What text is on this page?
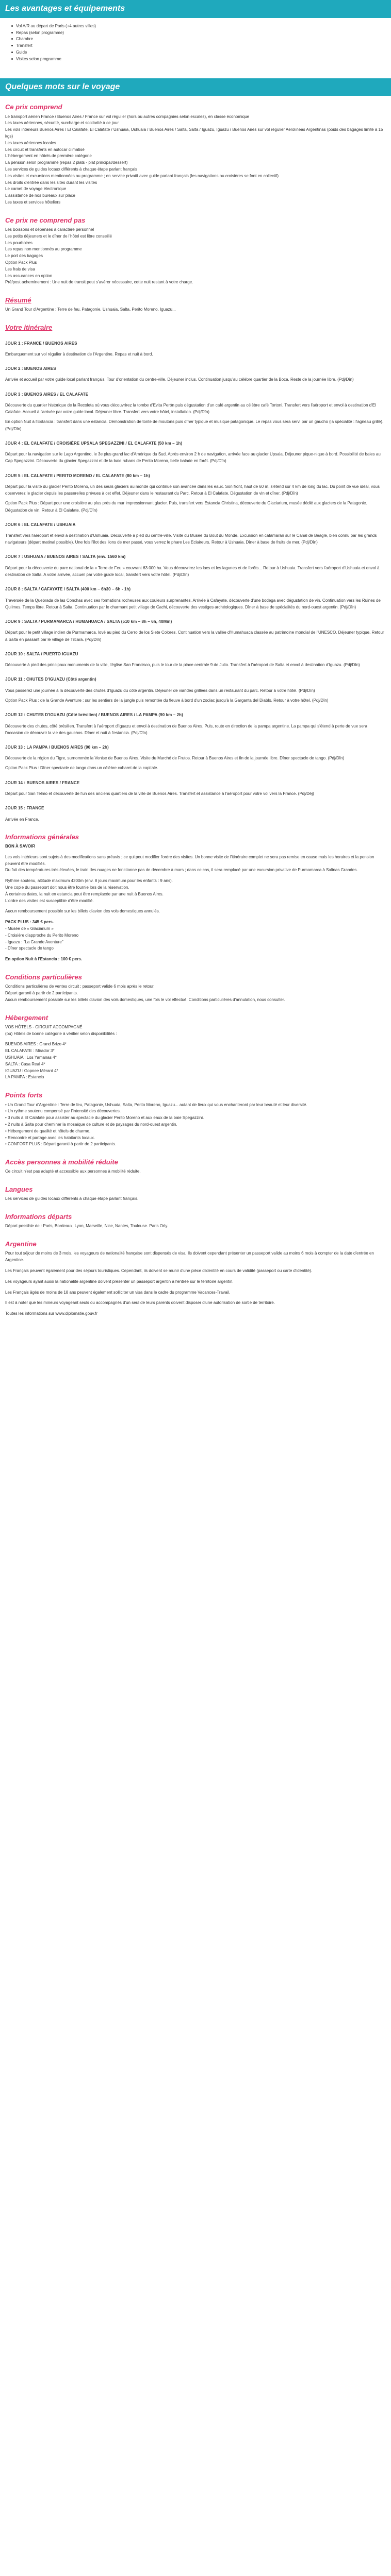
Les avantages et équipements
Vol A/R au départ de Paris (+4 autres villes)
Repas (selon programme)
Chambre
Transfert
Guide
Visites selon programme
Quelques mots sur le voyage
Ce prix comprend

Le transport aérien France / Buenos Aires / France sur vol régulier (hors ou autres compagnies selon escales), en classe économique

Les taxes aériennes, sécurité, surcharge et solidarité à ce jour

Les vols intérieurs Buenos Aires / El Calafate, El Calafate / Ushuaia, Ushuaia / Buenos Aires / Salta, Salta / Iguazu, Iguazu / Buenos Aires sur vol régulier Aerolineas Argentinas (poids des bagages limité à 15 kgs)

Les taxes aériennes locales

Les circuit et transferts en autocar climatisé

L'hébergement en hôtels de première catégorie

La pension selon programme (repas 2 plats - plat principal/dessert)

Les services de guides locaux différents à chaque étape parlant français

Les visites et excursions mentionnées au programme ; en service privatif avec guide parlant français (les navigations ou croisières se font en collectif)

Les droits d'entrée dans les sites durant les visites

Le carnet de voyage électronique

L'assistance de nos bureaux sur place

Les taxes et services hôteliers

Ce prix ne comprend pas

Les boissons et dépenses à caractère personnel

Les petits déjeuners et le dîner de l'hôtel est libre conseillé

Les pourboires

Les repas non mentionnés au programme

Le port des bagages

Option Pack Plus

Les frais de visa

Les assurances en option

Pré/post acheminement : Une nuit de transit peut s'avérer nécessaire, cette nuit restant à votre charge.

Résumé

Un Grand Tour d'Argentine : Terre de feu, Patagonie, Ushuaia, Salta, Perito Moreno, Iguazu...

Votre itinéraire
JOUR 1 : FRANCE / BUENOS AIRES

Embarquement sur vol régulier à destination de l'Argentine. Repas et nuit à bord.

JOUR 2 : BUENOS AIRES

Arrivée et accueil par votre guide local parlant français. Tour d'orientation du centre-ville. Déjeuner inclus. Continuation jusqu'au célèbre quartier de la Boca. Reste de la journée libre. (Pdj/Dîn)

JOUR 3 : BUENOS AIRES / EL CALAFATE

Découverte du quartier historique de la Recoleta où vous découvrirez la tombe d'Evita Perón puis dégustation d'un café argentin au célèbre café Tortoni. Transfert vers l'aéroport et envol à destination d'El Calafate. Accueil à l'arrivée par votre guide local. Déjeuner libre. Transfert vers votre hôtel, installation. (Pdj/Dîn)

En option Nuit à l'Estancia : transfert dans une estancia. Démonstration de tonte de moutons puis dîner typique et musique patagonique. Le repas vous sera servi par un gaucho (la spécialité : l'agneau grillé). (Pdj/Dîn)

JOUR 4 : EL CALAFATE / CROISIÈRE UPSALA SPEGAZZINI / EL CALAFATE (50 km – 1h)

Départ pour la navigation sur le Lago Argentino, le 3e plus grand lac d'Amérique du Sud. Après environ 2 h de navigation, arrivée face au glacier Upsala. Déjeuner pique-nique à bord. Possibilité de baies au Cap Spegazzini. Découverte du glacier Spegazzini et de la baie rubans de Perito Moreno, belle balade en forêt. (Pdj/Dîn)

JOUR 5 : EL CALAFATE / PERITO MORENO / EL CALAFATE (80 km – 1h)

Départ pour la visite du glacier Perito Moreno, un des seuls glaciers au monde qui continue son avancée dans les eaux. Son front, haut de 60 m, s'étend sur 4 km de long du lac. Du point de vue idéal, vous observerez le glacier depuis les passerelles prévues à cet effet. Déjeuner dans le restaurant du Parc. Retour à El Calafate. Dégustation de vin et dîner. (Pdj/Dîn)

Option Pack Plus : Départ pour une croisière au plus près du mur impressionnant glacier. Puis, transfert vers Estancia Christina, découverte du Glaciarium, musée dédié aux glaciers de la Patagonie. Dégustation de vin. Retour à El Calafate. (Pdj/Dîn)

JOUR 6 : EL CALAFATE / USHUAIA

Transfert vers l'aéroport et envol à destination d'Ushuaia. Découverte à pied du centre-ville. Visite du Musée du Bout du Monde. Excursion en catamaran sur le Canal de Beagle, bien connu par les grands navigateurs (départ matinal possible). Une fois l'îlot des lions de mer passé, vous verrez le phare Les Eclaireurs. Retour à Ushuaia. Dîner à base de fruits de mer. (Pdj/Dîn)

JOUR 7 : USHUAIA / BUENOS AIRES / SALTA (env. 1560 km)

Départ pour la découverte du parc national de la « Terre de Feu » couvrant 63 000 ha. Vous découvrirez les lacs et les lagunes et de forêts... Retour à Ushuaia. Transfert vers l'aéroport d'Ushuaia et envol à destination de Salta. A votre arrivée, accueil par votre guide local, transfert vers votre hôtel. (Pdj/Dîn)

JOUR 8 : SALTA / CAFAYATE / SALTA (400 km – 6h30 – 6h - 1h)

Traversée de la Quebrada de las Conchas avec ses formations rocheuses aux couleurs surprenantes. Arrivée à Cafayate, découverte d'une bodega avec dégustation de vin. Continuation vers les Ruines de Quilmes. Temps libre. Retour à Salta. Continuation par le charmant petit village de Cachi, découverte des vestiges archéologiques. Dîner à base de spécialités du nord-ouest argentin. (Pdj/Dîn)

JOUR 9 : SALTA / PURMAMARCA / HUMAHUACA / SALTA (510 km – 8h – 6h, 40Min)

Départ pour le petit village indien de Purmamarca, lové au pied du Cerro de los Siete Colores. Continuation vers la vallée d'Humahuaca classée au patrimoine mondial de l'UNESCO. Déjeuner typique. Retour à Salta en passant par le village de Tilcara. (Pdj/Dîn)

JOUR 10 : SALTA / PUERTO IGUAZU

Découverte à pied des principaux monuments de la ville, l'église San Francisco, puis le tour de la place centrale 9 de Julio. Transfert à l'aéroport de Salta et envol à destination d'Iguazu. (Pdj/Dîn)

JOUR 11 : CHUTES D'IGUAZU (Côté argentin)

Vous passerez une journée à la découverte des chutes d'Iguazu du côté argentin. Déjeuner de viandes grillées dans un restaurant du parc. Retour à votre hôtel. (Pdj/Dîn)

Option Pack Plus : de la Grande Aventure : sur les sentiers de la jungle puis remontée du fleuve à bord d'un zodiac jusqu'à la Garganta del Diablo. Retour à votre hôtel. (Pdj/Dîn)

JOUR 12 : CHUTES D'IGUAZU (Côté brésilien) / BUENOS AIRES / LA PAMPA (90 km – 2h)

Découverte des chutes, côté brésilien. Transfert à l'aéroport d'Iguazu et envol à destination de Buenos Aires. Puis, route en direction de la pampa argentine. La pampa qui s'étend à perte de vue sera l'occasion de découvrir la vie des gauchos. Dîner et nuit à l'estancia. (Pdj/Dîn)

JOUR 13 : LA PAMPA / BUENOS AIRES (90 km – 2h)

Découverte de la région du Tigre, surnommée la Venise de Buenos Aires. Visite du Marché de Frutos. Retour à Buenos Aires et fin de la journée libre. Dîner spectacle de tango. (Pdj/Dîn)

Option Pack Plus : Dîner spectacle de tango dans un célèbre cabaret de la capitale.

JOUR 14 : BUENOS AIRES / FRANCE

Départ pour San Telmo et découverte de l'un des anciens quartiers de la ville de Buenos Aires. Transfert et assistance à l'aéroport pour votre vol vers la France. (Pdj/Déj)

JOUR 15 : FRANCE

Arrivée en France.

Informations générales

BON À SAVOIR

Les vols intérieurs sont sujets à des modifications sans préavis ; ce qui peut modifier l'ordre des visites. Un bonne visite de l'itinéraire complet ne sera pas remise en cause mais les horaires et la pension peuvent être modifiés.

Du fait des températures très élevées, le train des nuages ne fonctionne pas de décembre à mars ; dans ce cas, il sera remplacé par une excursion privative de Purmamarca à Salinas Grandes.

Rythme soutenu, altitude maximum 4200m (env. 8 jours maximum pour les enfants : 9 ans).

Une copie du passeport doit nous être fournie lors de la réservation.

À certaines dates, la nuit en estancia peut être remplacée par une nuit à Buenos Aires.

L'ordre des visites est susceptible d'être modifié.

Aucun remboursement possible sur les billets d'avion des vols domestiques annulés.

PACK PLUS : 345 € pers.

- Musée de « Glaciarium »

- Croisière d'approche du Perito Moreno

- Iguazu : "La Grande Aventure"

- Dîner spectacle de tango

En option Nuit à l'Estancia : 100 € pers.

Conditions particulières

Conditions particulières de ventes circuit : passeport valide 6 mois après le retour.

Départ garanti à partir de 2 participants.

Aucun remboursement possible sur les billets d'avion des vols domestiques, une fois le vol effectué. Conditions particulières d'annulation, nous consulter.

Hébergement

VOS HÔTELS - CIRCUIT ACCOMPAGNÉ

(ou) Hôtels de bonne catégorie à vérifier selon disponibilités :

BUENOS AIRES : Grand Brizo 4*

EL CALAFATE : Mirador 3*

USHUAIA : Los Yamanas 4*

SALTA : Casa Real 4*

IGUAZU : Gopnee Mérard 4*

LA PAMPA : Estancia

Points forts

• Un Grand Tour d'Argentine : Terre de feu, Patagonie, Ushuaia, Salta, Perito Moreno, Iguazu... autant de lieux qui vous enchanteront par leur beauté et leur diversité.

• Un rythme soutenu compensé par l'intensité des découvertes.

• 3 nuits à El Calafate pour assister au spectacle du glacier Perito Moreno et aux eaux de la baie Spegazzini.

• 2 nuits à Salta pour cheminer la mosaïque de culture et de paysages du nord-ouest argentin.

• Hébergement de qualité et hôtels de charme.

• Rencontre et partage avec les habitants locaux.

• CONFORT PLUS : Départ garanti à partir de 2 participants.

Accès personnes à mobilité réduite

Ce circuit n'est pas adapté et accessible aux personnes à mobilité réduite.

Langues

Les services de guides locaux différents à chaque étape parlant français.

Informations départs

Départ possible de : Paris, Bordeaux, Lyon, Marseille, Nice, Nantes, Toulouse. Paris Orly.

Argentine

Pour tout séjour de moins de 3 mois, les voyageurs de nationalité française sont dispensés de visa. Ils doivent cependant présenter un passeport valide au moins 6 mois à compter de la date d'entrée en Argentine.

Les Français peuvent également pour des séjours touristiques. Cependant, ils doivent se munir d'une pièce d'identité en cours de validité (passeport ou carte d'identité).

Les voyageurs ayant aussi la nationalité argentine doivent présenter un passeport argentin à l'entrée sur le territoire argentin.

Les Français âgés de moins de 18 ans peuvent également solliciter un visa dans le cadre du programme Vacances-Travail.

Il est à noter que les mineurs voyageant seuls ou accompagnés d'un seul de leurs parents doivent disposer d'une autorisation de sortie de territoire.

Toutes les informations sur www.diplomatie.gouv.fr
